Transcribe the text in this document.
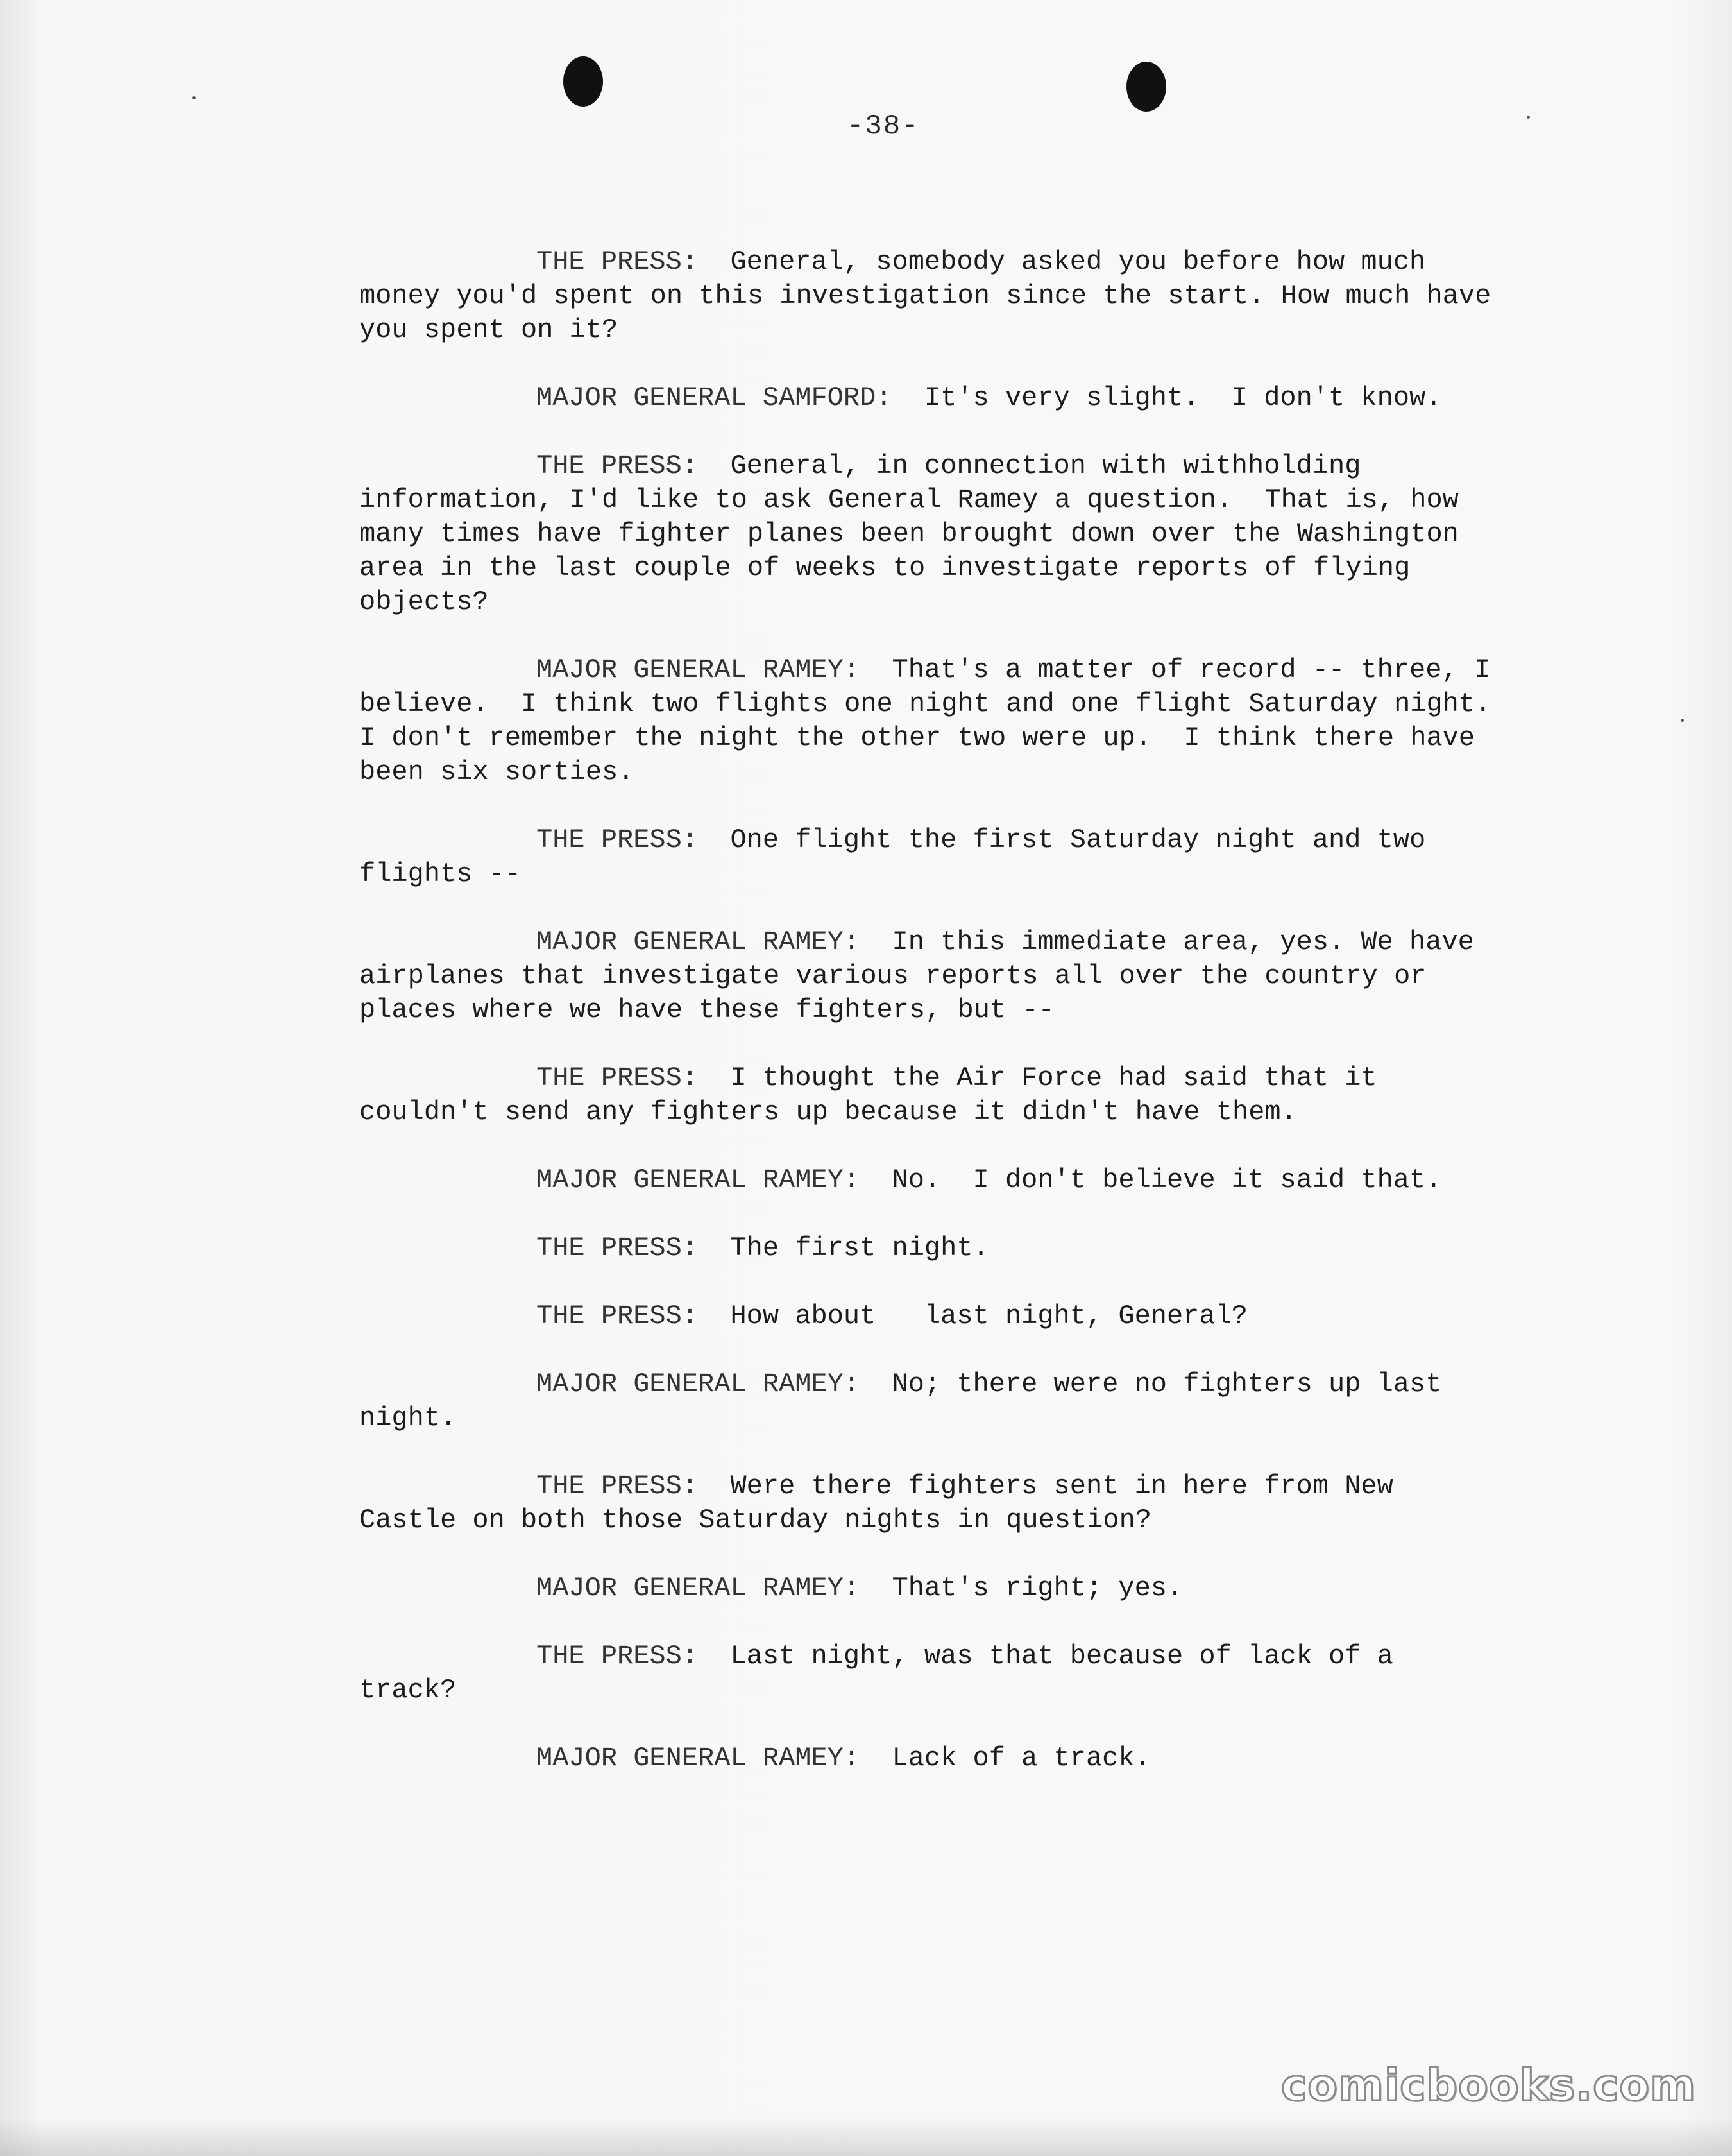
-38-

THE PRESS: General, somebody asked you before how much money you'd spent on this investigation since the start. How much have you spent on it?

MAJOR GENERAL SAMFORD: It's very slight.  I don't know.

THE PRESS: General, in connection with withholding information, I'd like to ask General Ramey a question.  That is, how many times have fighter planes been brought down over the Washington area in the last couple of weeks to investigate reports of flying objects?

MAJOR GENERAL RAMEY: That's a matter of record -- three, I believe.  I think two flights one night and one flight Saturday night.  I don't remember the night the other two were up.  I think there have been six sorties.

THE PRESS: One flight the first Saturday night and two flights --

MAJOR GENERAL RAMEY: In this immediate area, yes. We have airplanes that investigate various reports all over the country or places where we have these fighters, but --

THE PRESS: I thought the Air Force had said that it couldn't send any fighters up because it didn't have them.

MAJOR GENERAL RAMEY: No.  I don't believe it said that.

THE PRESS: The first night.

THE PRESS: How about   last night, General?

MAJOR GENERAL RAMEY: No; there were no fighters up last night.

THE PRESS: Were there fighters sent in here from New Castle on both those Saturday nights in question?

MAJOR GENERAL RAMEY: That's right; yes.

THE PRESS: Last night, was that because of lack of a track?

MAJOR GENERAL RAMEY: Lack of a track.

comicbooks.com
